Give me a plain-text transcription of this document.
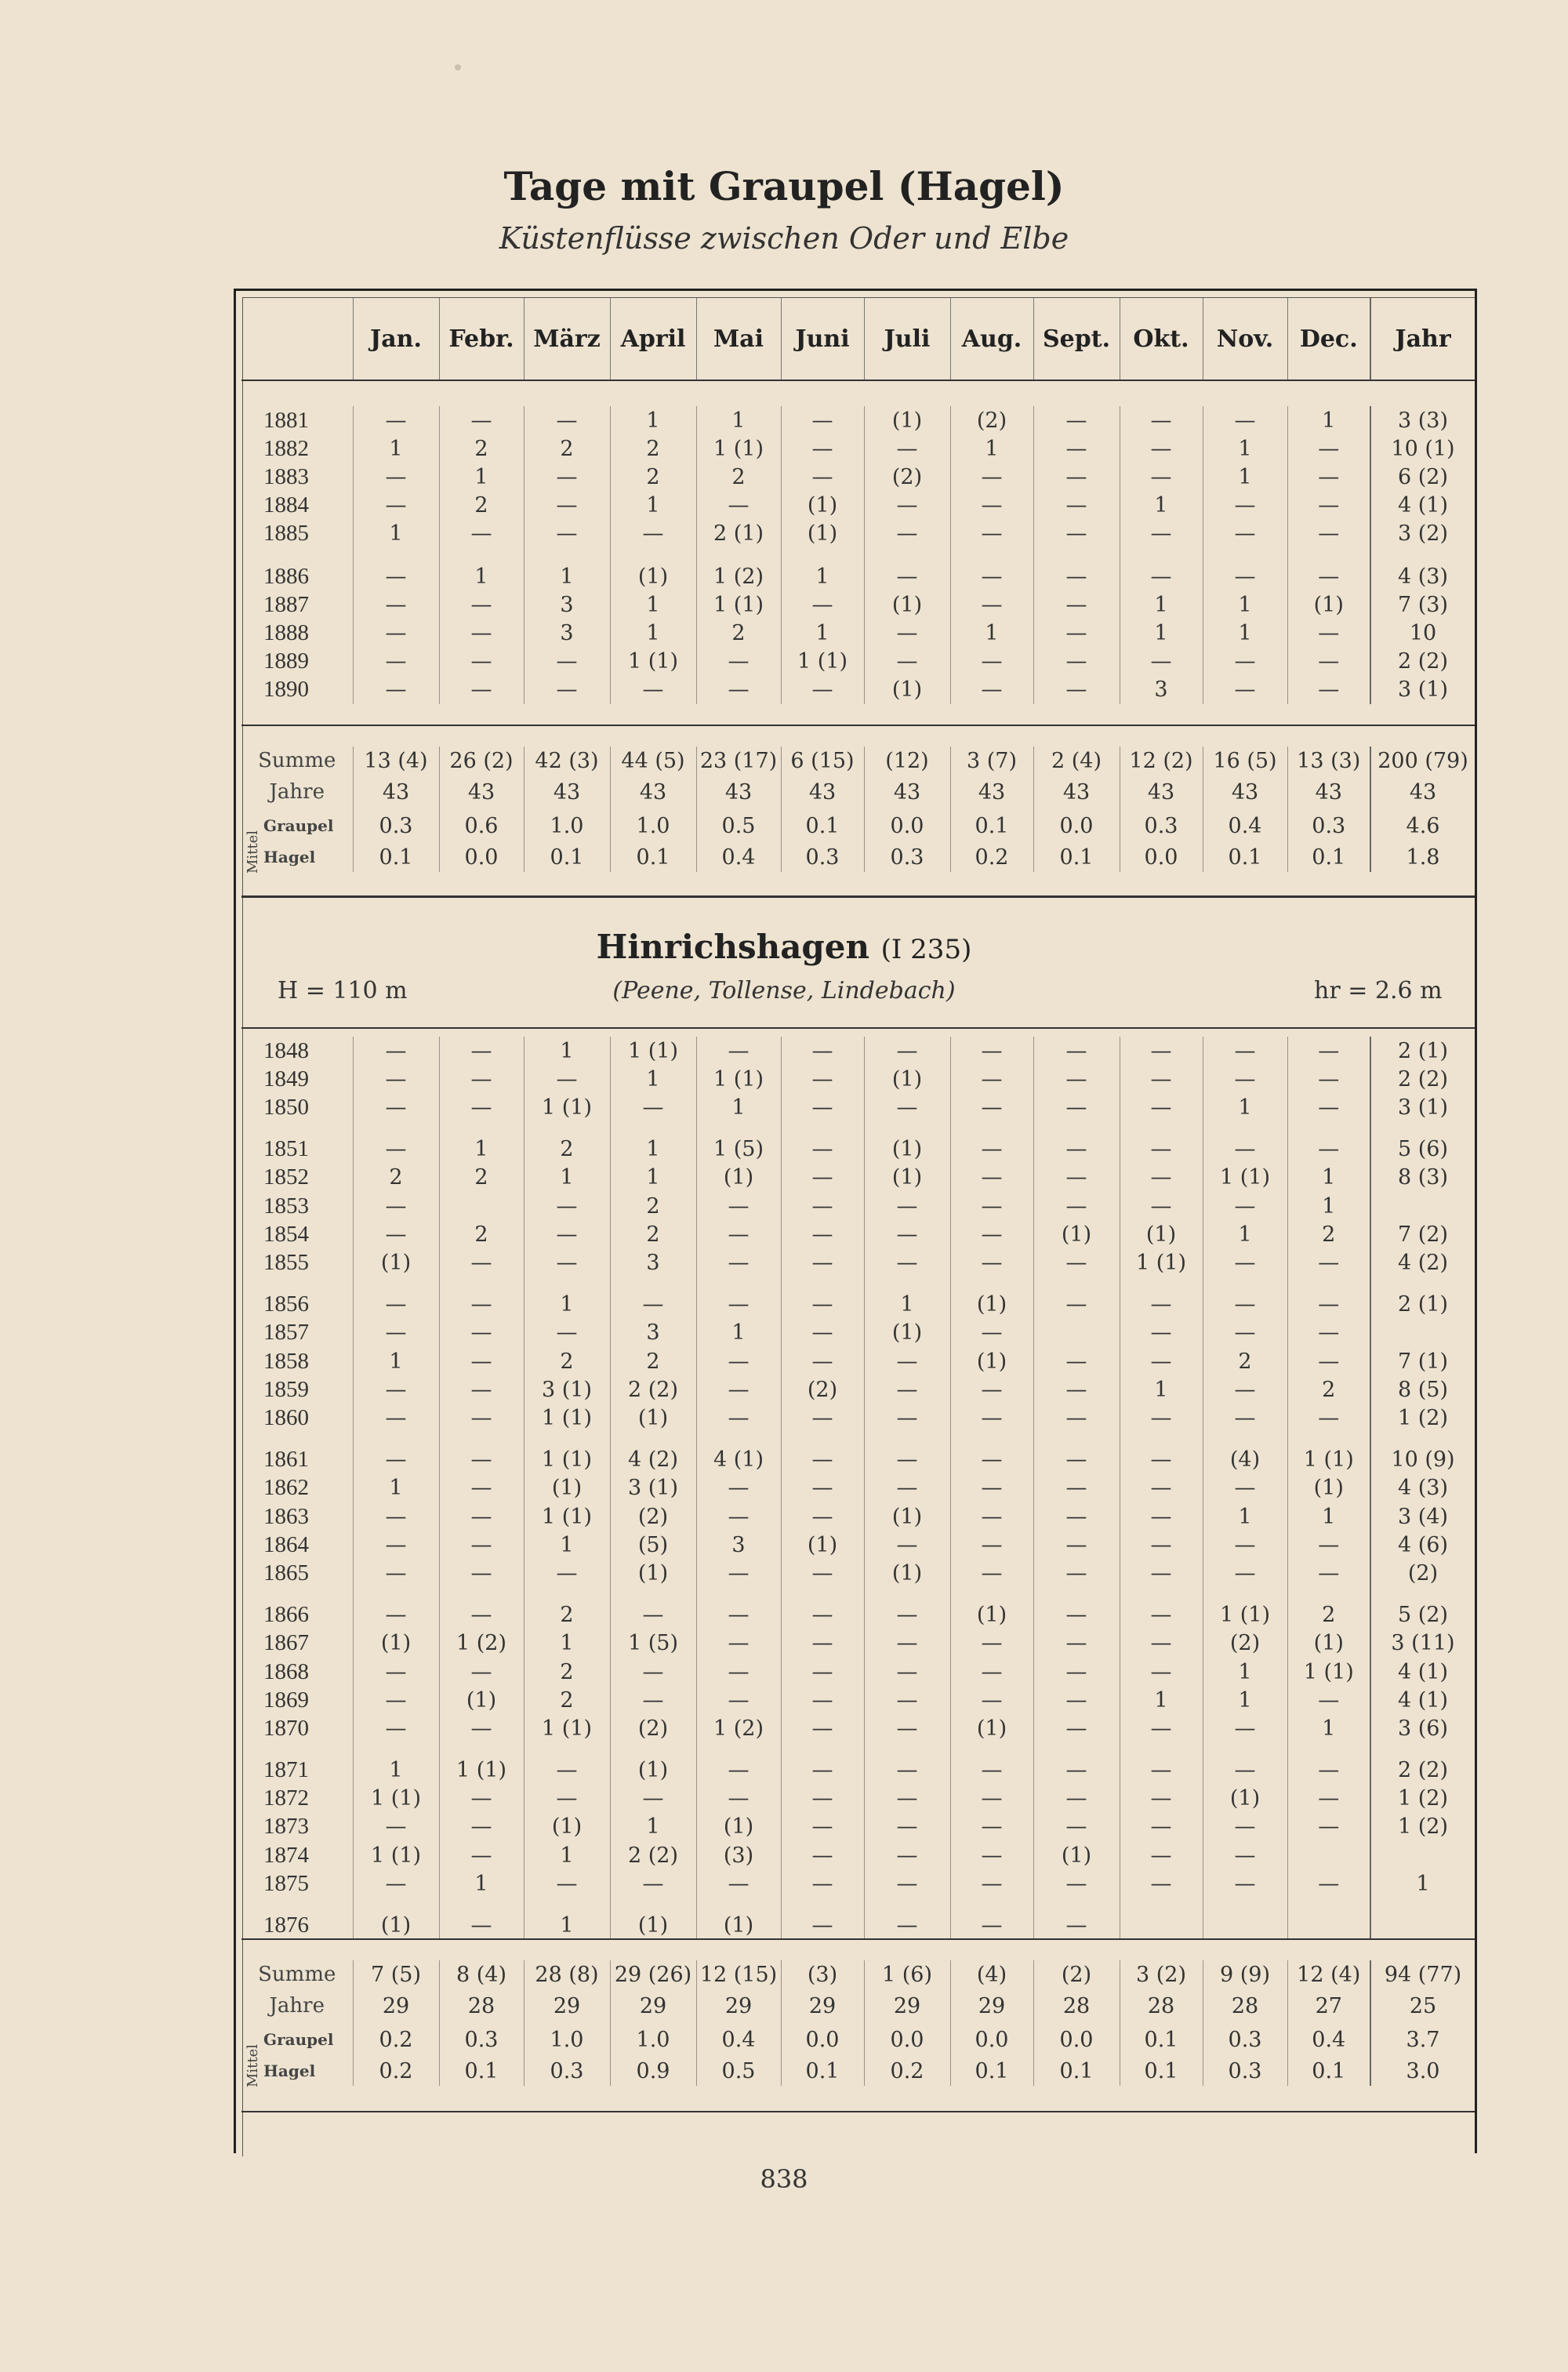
Tage mit Graupel (Hagel)
Küstenflüsse zwischen Oder und Elbe
	Jan.	Febr.	März	April	Mai	Juni	Juli	Aug.	Sept.	Okt.	Nov.	Dec.	Jahr
1881	—	—	—	1	1	—	(1)	(2)	—	—	—	1	3 (3)
1882	1	2	2	2	1 (1)	—	—	1	—	—	1	—	10 (1)
1883	—	1	—	2	2	—	(2)	—	—	—	1	—	6 (2)
1884	—	2	—	1	—	(1)	—	—	—	1	—	—	4 (1)
1885	1	—	—	—	2 (1)	(1)	—	—	—	—	—	—	3 (2)

1886	—	1	1	(1)	1 (2)	1	—	—	—	—	—	—	4 (3)
1887	—	—	3	1	1 (1)	—	(1)	—	—	1	1	(1)	7 (3)
1888	—	—	3	1	2	1	—	1	—	1	1	—	10
1889	—	—	—	1 (1)	—	1 (1)	—	—	—	—	—	—	2 (2)
1890	—	—	—	—	—	—	(1)	—	—	3	—	—	3 (1)
Summe	13 (4)	26 (2)	42 (3)	44 (5)	23 (17)	6 (15)	(12)	3 (7)	2 (4)	12 (2)	16 (5)	13 (3)	200 (79)
Jahre	43	43	43	43	43	43	43	43	43	43	43	43	43
Graupel	0.3	0.6	1.0	1.0	0.5	0.1	0.0	0.1	0.0	0.3	0.4	0.3	4.6
Hagel	0.1	0.0	0.1	0.1	0.4	0.3	0.3	0.2	0.1	0.0	0.1	0.1	1.8
Hinrichshagen (I 235)
H = 110 m	(Peene, Tollense, Lindebach)	hr = 2.6 m
1848	—	—	1	1 (1)	—	—	—	—	—	—	—	—	2 (1)
1849	—	—	—	1	1 (1)	—	(1)	—	—	—	—	—	2 (2)
1850	—	—	1 (1)	—	1	—	—	—	—	—	1	—	3 (1)

1851	—	1	2	1	1 (5)	—	(1)	—	—	—	—	—	5 (6)
1852	2	2	1	1	(1)	—	(1)	—	—	—	1 (1)	1	8 (3)
1853	—		—	2	—	—	—	—	—	—	—	1	
1854	—	2	—	2	—	—	—	—	(1)	(1)	1	2	7 (2)
1855	(1)	—	—	3	—	—	—	—	—	1 (1)	—	—	4 (2)

1856	—	—	1	—	—	—	1	(1)	—	—	—	—	2 (1)
1857	—	—	—	3	1	—	(1)	—		—	—	—	
1858	1	—	2	2	—	—	—	(1)	—	—	2	—	7 (1)
1859	—	—	3 (1)	2 (2)	—	(2)	—	—	—	1	—	2	8 (5)
1860	—	—	1 (1)	(1)	—	—	—	—	—	—	—	—	1 (2)

1861	—	—	1 (1)	4 (2)	4 (1)	—	—	—	—	—	(4)	1 (1)	10 (9)
1862	1	—	(1)	3 (1)	—	—	—	—	—	—	—	(1)	4 (3)
1863	—	—	1 (1)	(2)	—	—	(1)	—	—	—	1	1	3 (4)
1864	—	—	1	(5)	3	(1)	—	—	—	—	—	—	4 (6)
1865	—	—	—	(1)	—	—	(1)	—	—	—	—	—	(2)

1866	—	—	2	—	—	—	—	(1)	—	—	1 (1)	2	5 (2)
1867	(1)	1 (2)	1	1 (5)	—	—	—	—	—	—	(2)	(1)	3 (11)
1868	—	—	2	—	—	—	—	—	—	—	1	1 (1)	4 (1)
1869	—	(1)	2	—	—	—	—	—	—	1	1	—	4 (1)
1870	—	—	1 (1)	(2)	1 (2)	—	—	(1)	—	—	—	1	3 (6)

1871	1	1 (1)	—	(1)	—	—	—	—	—	—	—	—	2 (2)
1872	1 (1)	—	—	—	—	—	—	—	—	—	(1)	—	1 (2)
1873	—	—	(1)	1	(1)	—	—	—	—	—	—	—	1 (2)
1874	1 (1)	—	1	2 (2)	(3)	—	—	—	(1)	—	—		
1875	—	1	—	—	—	—	—	—	—	—	—	—	1

1876	(1)	—	1	(1)	(1)	—	—	—	—				
Summe	7 (5)	8 (4)	28 (8)	29 (26)	12 (15)	(3)	1 (6)	(4)	(2)	3 (2)	9 (9)	12 (4)	94 (77)
Jahre	29	28	29	29	29	29	29	29	28	28	28	27	25
Graupel	0.2	0.3	1.0	1.0	0.4	0.0	0.0	0.0	0.0	0.1	0.3	0.4	3.7
Hagel	0.2	0.1	0.3	0.9	0.5	0.1	0.2	0.1	0.1	0.1	0.3	0.1	3.0
838
Mittel
Mittel
